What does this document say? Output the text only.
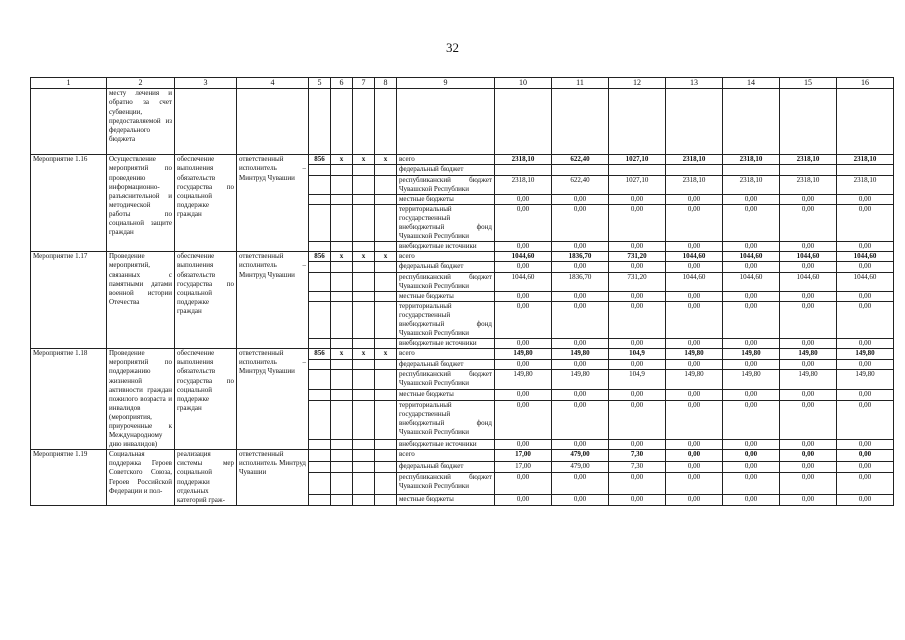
32
1	2	3	4	5	6	7	8	9	10	11	12	13	14	15	16
	месту лечения и обратно за счет субвенции, предоставляемой из федерального бюджета														
Мероприятие 1.16	Осуществление мероприятий по проведению информационно-разъяснительной и методической работы по социальной защите граждан	обеспечение выполнения обязательств государства по социальной поддержке граждан	ответственный исполнитель – Минтруд Чувашии	856	x	x	x	всего	2318,10	622,40	1027,10	2318,10	2318,10	2318,10	2318,10
								федеральный бюджет							
								республиканский бюджет Чувашской Республики	2318,10	622,40	1027,10	2318,10	2318,10	2318,10	2318,10
								местные бюджеты	0,00	0,00	0,00	0,00	0,00	0,00	0,00
								территориальный государственный внебюджетный фонд Чувашской Республики	0,00	0,00	0,00	0,00	0,00	0,00	0,00
								внебюджетные источники	0,00	0,00	0,00	0,00	0,00	0,00	0,00
Мероприятие 1.17	Проведение мероприятий, связанных с памятными датами военной истории Отечества	обеспечение выполнения обязательств государства по социальной поддержке граждан	ответственный исполнитель – Минтруд Чувашии	856	x	x	x	всего	1044,60	1836,70	731,20	1044,60	1044,60	1044,60	1044,60
								федеральный бюджет	0,00	0,00	0,00	0,00	0,00	0,00	0,00
								республиканский бюджет Чувашской Республики	1044,60	1836,70	731,20	1044,60	1044,60	1044,60	1044,60
								местные бюджеты	0,00	0,00	0,00	0,00	0,00	0,00	0,00
								территориальный государственный внебюджетный фонд Чувашской Республики	0,00	0,00	0,00	0,00	0,00	0,00	0,00
								внебюджетные источники	0,00	0,00	0,00	0,00	0,00	0,00	0,00
Мероприятие 1.18	Проведение мероприятий по поддержанию жизненной активности граждан пожилого возраста и инвалидов (мероприятия, приуроченные к Международному дню инвалидов)	обеспечение выполнения обязательств государства по социальной поддержке граждан	ответственный исполнитель – Минтруд Чувашии	856	x	x	x	всего	149,80	149,80	104,9	149,80	149,80	149,80	149,80
								федеральный бюджет	0,00	0,00	0,00	0,00	0,00	0,00	0,00
								республиканский бюджет Чувашской Республики	149,80	149,80	104,9	149,80	149,80	149,80	149,80
								местные бюджеты	0,00	0,00	0,00	0,00	0,00	0,00	0,00
								территориальный государственный внебюджетный фонд Чувашской Республики	0,00	0,00	0,00	0,00	0,00	0,00	0,00
								внебюджетные источники	0,00	0,00	0,00	0,00	0,00	0,00	0,00
Мероприятие 1.19	Социальная поддержка Героев Советского Союза, Героев Российской Федерации и пол-	реализация системы мер социальной поддержки отдельных категорий граж-	ответственный исполнитель Минтруд Чувашии					всего	17,00	479,00	7,30	0,00	0,00	0,00	0,00
								федеральный бюджет	17,00	479,00	7,30	0,00	0,00	0,00	0,00
								республиканский бюджет Чувашской Республики	0,00	0,00	0,00	0,00	0,00	0,00	0,00
								местные бюджеты	0,00	0,00	0,00	0,00	0,00	0,00	0,00
